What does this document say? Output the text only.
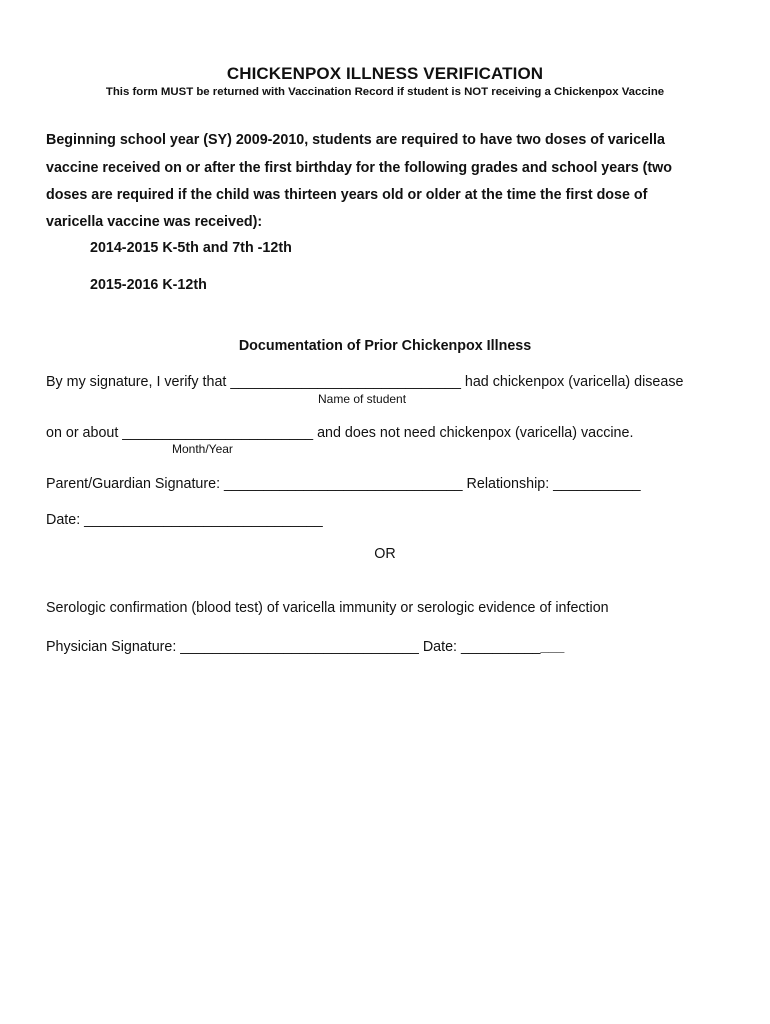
CHICKENPOX ILLNESS VERIFICATION
This form MUST be returned with Vaccination Record if student is NOT receiving a Chickenpox Vaccine
Beginning school year (SY) 2009-2010, students are required to have two doses of varicella
vaccine received on or after the first birthday for the following grades and school years (two
doses are required if the child was thirteen years old or older at the time the first dose of
varicella vaccine was received):
2014-2015 K-5th and 7th -12th
2015-2016 K-12th
Documentation of Prior Chickenpox Illness
By my signature, I verify that _____________________________ had chickenpox (varicella) disease
Name of student
on or about ________________________ and does not need chickenpox (varicella) vaccine.
Month/Year
Parent/Guardian Signature: ______________________________ Relationship: ___________
Date: ______________________________
OR
Serologic confirmation (blood test) of varicella immunity or serologic evidence of infection
Physician Signature: ______________________________ Date: _____________
